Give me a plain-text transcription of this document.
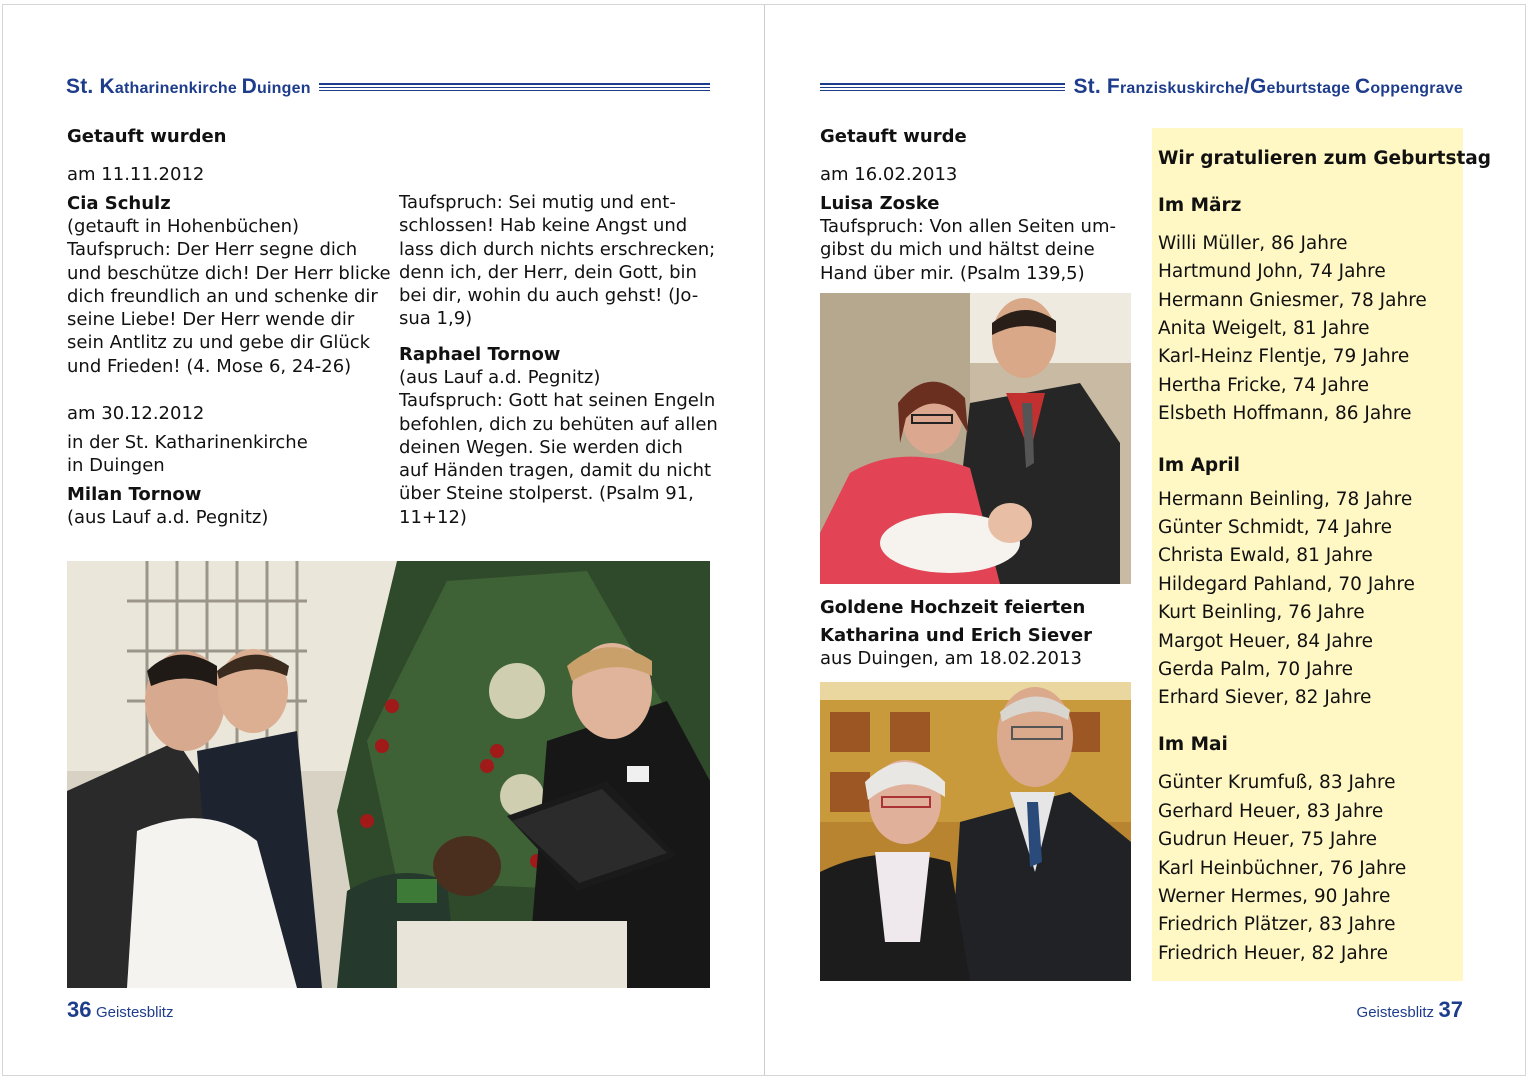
St. Katharinenkirche Duingen
Getauft wurden
am 11.11.2012
Cia Schulz
(getauft in Hohenbüchen)
Taufspruch: Der Herr segne dich
und beschütze dich! Der Herr blicke
dich freundlich an und schenke dir
seine Liebe! Der Herr wende dir
sein Antlitz zu und gebe dir Glück
und Frieden! (4. Mose 6, 24-26)
am 30.12.2012
in der St. Katharinenkirche
in Duingen
Milan Tornow
(aus Lauf a.d. Pegnitz)
Taufspruch: Sei mutig und ent-
schlossen! Hab keine Angst und
lass dich durch nichts erschrecken;
denn ich, der Herr, dein Gott, bin
bei dir, wohin du auch gehst! (Jo-
sua 1,9)
Raphael Tornow
(aus Lauf a.d. Pegnitz)
Taufspruch: Gott hat seinen Engeln
befohlen, dich zu behüten auf allen
deinen Wegen. Sie werden dich
auf Händen tragen, damit du nicht
über Steine stolperst. (Psalm 91,
11+12)
36 Geistesblitz
St. Franziskuskirche/Geburtstage Coppengrave
Getauft wurde
am 16.02.2013
Luisa Zoske
Taufspruch: Von allen Seiten um-
gibst du mich und hältst deine
Hand über mir. (Psalm 139,5)
Goldene Hochzeit feierten
Katharina und Erich Siever
aus Duingen, am 18.02.2013
Wir gratulieren zum Geburtstag
Im März
Willi Müller, 86 Jahre
Hartmund John, 74 Jahre
Hermann Gniesmer, 78 Jahre
Anita Weigelt, 81 Jahre
Karl-Heinz Flentje, 79 Jahre
Hertha Fricke, 74 Jahre
Elsbeth Hoffmann, 86 Jahre
Im April
Hermann Beinling, 78 Jahre
Günter Schmidt, 74 Jahre
Christa Ewald, 81 Jahre
Hildegard Pahland, 70 Jahre
Kurt Beinling, 76 Jahre
Margot Heuer, 84 Jahre
Gerda Palm, 70 Jahre
Erhard Siever, 82 Jahre
Im Mai
Günter Krumfuß, 83 Jahre
Gerhard Heuer, 83 Jahre
Gudrun Heuer, 75 Jahre
Karl Heinbüchner, 76 Jahre
Werner Hermes, 90 Jahre
Friedrich Plätzer, 83 Jahre
Friedrich Heuer, 82 Jahre
Geistesblitz 37
